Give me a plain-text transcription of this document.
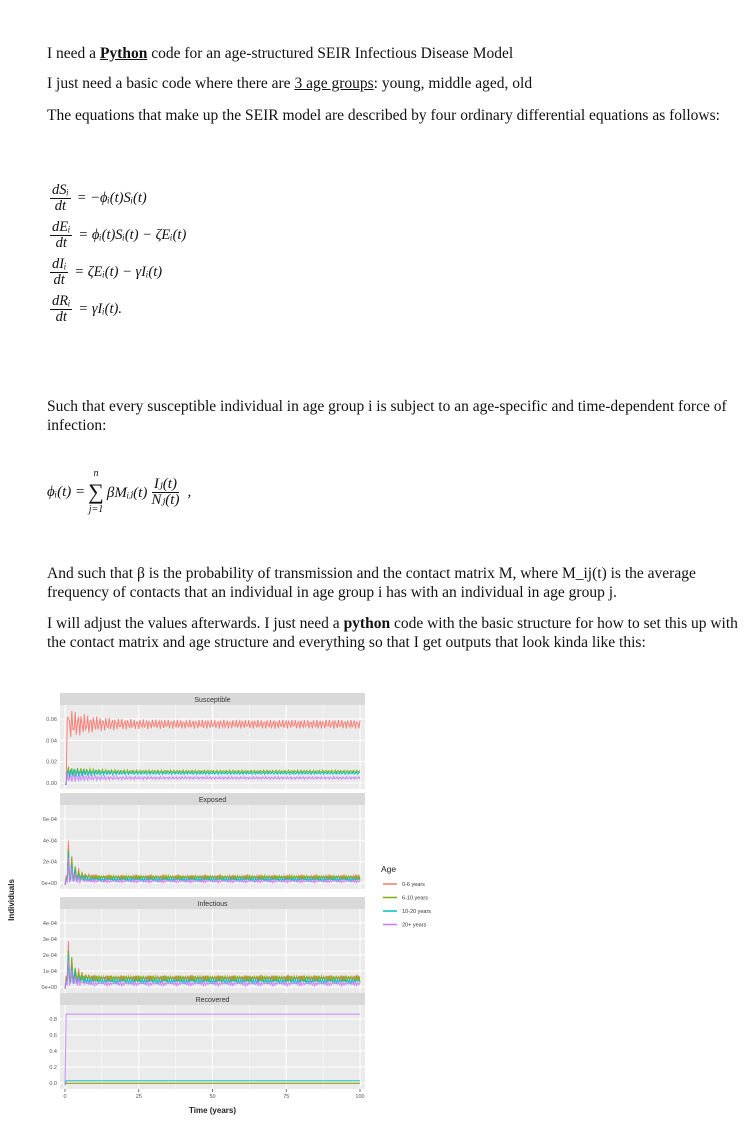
I need a Python code for an age-structured SEIR Infectious Disease Model

I just need a basic code where there are 3 age groups: young, middle aged, old

The equations that make up the SEIR model are described by four ordinary differential equations as follows:

$\frac{\text{dSᵢ}}{dt}$ = −ϕᵢ(t)Sᵢ(t)
$\frac{\text{dEᵢ}}{dt}$ = ϕᵢ(t)Sᵢ(t) − ζEᵢ(t)
$\frac{\text{dIᵢ}}{dt}$ = ζEᵢ(t) − γIᵢ(t)
$\frac{\text{dRᵢ}}{dt}$ = γIᵢ(t).

Such that every susceptible individual in age group i is subject to an age-specific and time-dependent force of infection:

ϕᵢ(t) =
n
∑
j=1
βMᵢⱼ(t) $\frac{\text{Iⱼ(t)}}{\text{Nⱼ(t)}}$ ,

And such that β is the probability of transmission and the contact matrix M, where M_ij(t) is the average frequency of contacts that an individual in age group i has with an individual in age group j.

I will adjust the values afterwards. I just need a python code with the basic structure for how to set this up with the contact matrix and age structure and everything so that I get outputs that look kinda like this:

Susceptible
0.06
0.04
0.02
0.00
Exposed
6e-04
4e-04
2e-04
0e+00
Infectious
4e-04
3e-04
2e-04
1e-04
0e+00
Recovered
0.8
0.6
0.4
0.2
0.0
0	25	50	75	100
Time (years)
Individuals
Age
0-6 years
6-10 years
10-20 years
20+ years
